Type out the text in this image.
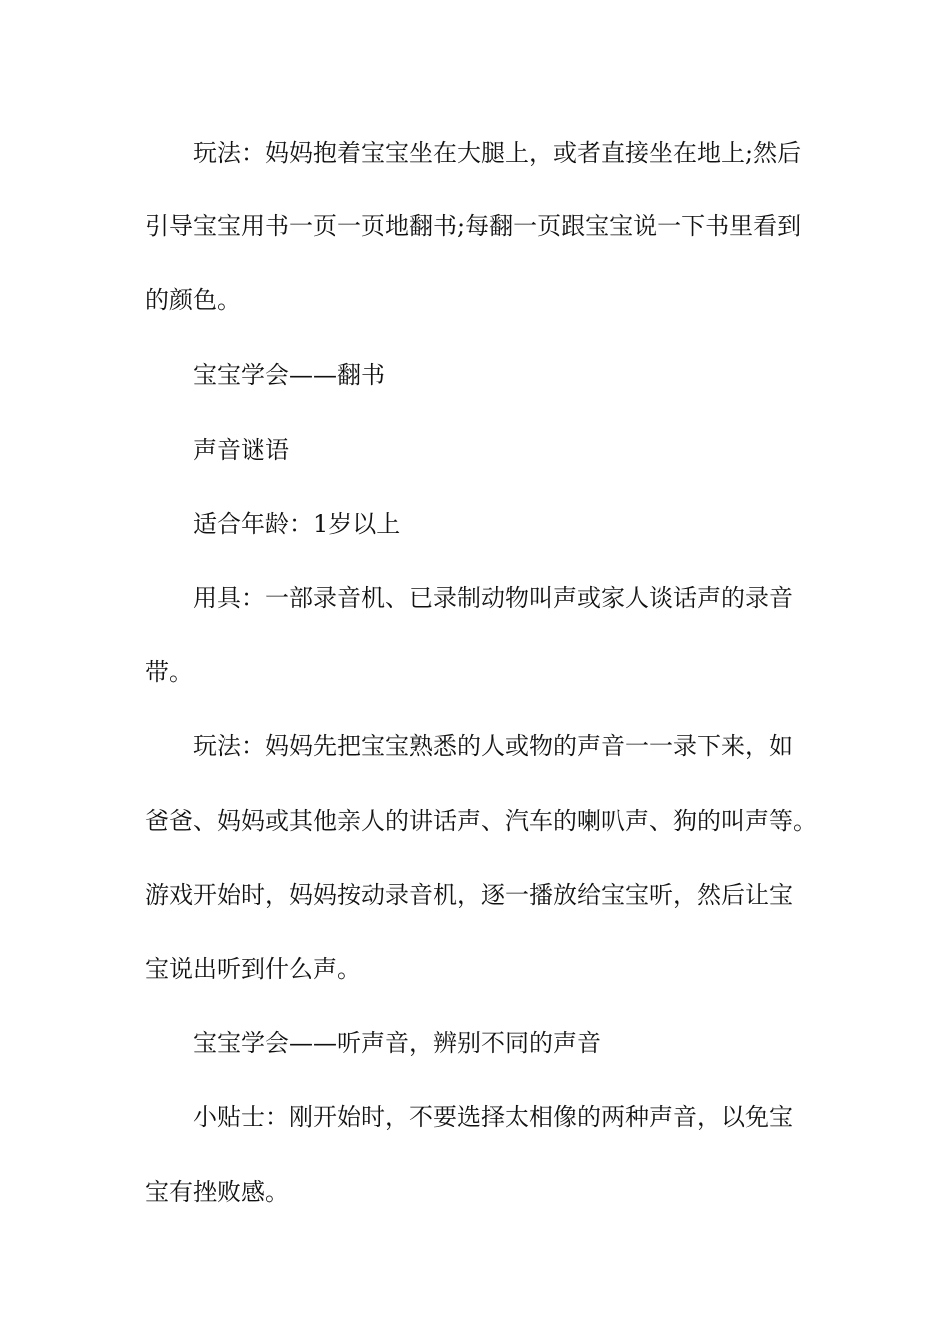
玩法：妈妈抱着宝宝坐在大腿上，或者直接坐在地上;然后
引导宝宝用书一页一页地翻书;每翻一页跟宝宝说一下书里看到
的颜色。
宝宝学会——翻书
声音谜语
适合年龄：1岁以上
用具：一部录音机、已录制动物叫声或家人谈话声的录音
带。
玩法：妈妈先把宝宝熟悉的人或物的声音一一录下来，如
爸爸、妈妈或其他亲人的讲话声、汽车的喇叭声、狗的叫声等。
游戏开始时，妈妈按动录音机，逐一播放给宝宝听，然后让宝
宝说出听到什么声。
宝宝学会——听声音，辨别不同的声音
小贴士：刚开始时，不要选择太相像的两种声音，以免宝
宝有挫败感。
